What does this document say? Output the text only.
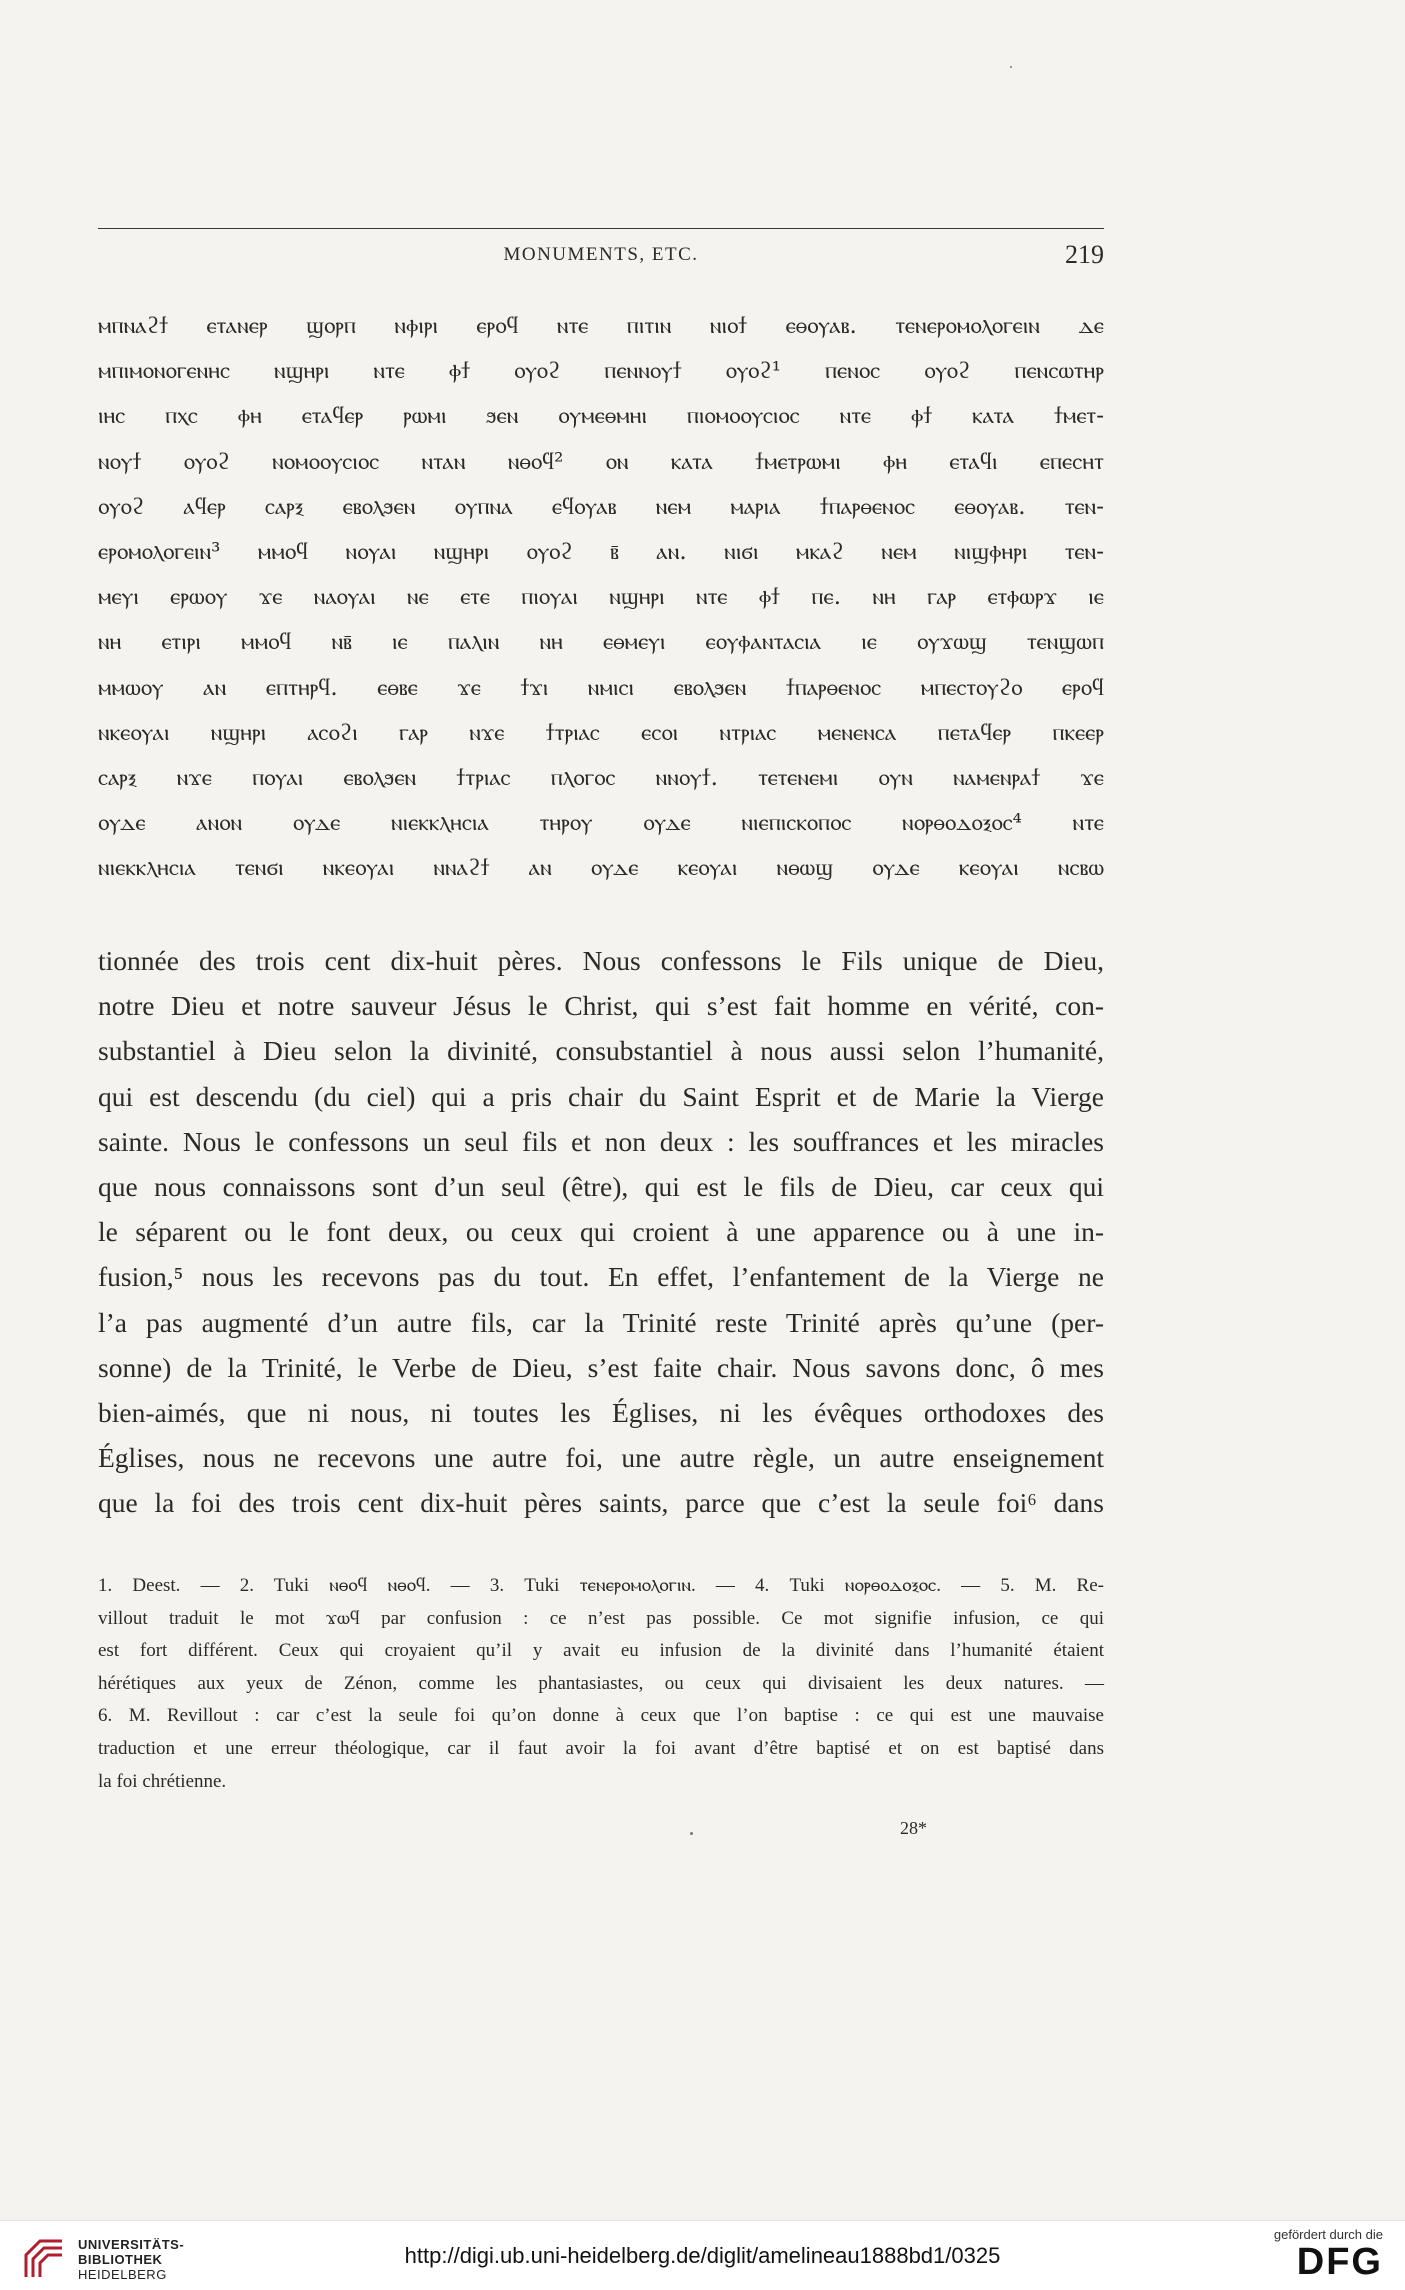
MONUMENTS, ETC.	219
ⲙⲡⲛⲁϩϯ ⲉⲧⲁⲛⲉⲣ ϣⲟⲣⲡ ⲛⲫⲓⲣⲓ ⲉⲣⲟϥ ⲛⲧⲉ ⲡⲓⲧⲓⲛ ⲛⲓⲟϯ ⲉⲑⲟⲩⲁⲃ. ⲧⲉⲛⲉⲣⲟⲙⲟⲗⲟⲅⲉⲓⲛ ⲇⲉ
ⲙⲡⲓⲙⲟⲛⲟⲅⲉⲛⲏⲥ ⲛϣⲏⲣⲓ ⲛⲧⲉ ⲫϯ ⲟⲩⲟϩ ⲡⲉⲛⲛⲟⲩϯ ⲟⲩⲟϩ¹ ⲡⲉⲛⲟⲥ ⲟⲩⲟϩ ⲡⲉⲛⲥⲱⲧⲏⲣ
ⲓⲏⲥ ⲡⲭⲥ ⲫⲏ ⲉⲧⲁϥⲉⲣ ⲣⲱⲙⲓ ϧⲉⲛ ⲟⲩⲙⲉⲑⲙⲏⲓ ⲡⲓⲟⲙⲟⲟⲩⲥⲓⲟⲥ ⲛⲧⲉ ⲫϯ ⲕⲁⲧⲁ ϯⲙⲉⲧ-
ⲛⲟⲩϯ ⲟⲩⲟϩ ⲛⲟⲙⲟⲟⲩⲥⲓⲟⲥ ⲛⲧⲁⲛ ⲛⲑⲟϥ² ⲟⲛ ⲕⲁⲧⲁ ϯⲙⲉⲧⲣⲱⲙⲓ ⲫⲏ ⲉⲧⲁϥⲓ ⲉⲡⲉⲥⲏⲧ
ⲟⲩⲟϩ ⲁϥⲉⲣ ⲥⲁⲣⲝ ⲉⲃⲟⲗϧⲉⲛ ⲟⲩⲡⲛⲁ ⲉϥⲟⲩⲁⲃ ⲛⲉⲙ ⲙⲁⲣⲓⲁ ϯⲡⲁⲣⲑⲉⲛⲟⲥ ⲉⲑⲟⲩⲁⲃ. ⲧⲉⲛ-
ⲉⲣⲟⲙⲟⲗⲟⲅⲉⲓⲛ³ ⲙⲙⲟϥ ⲛⲟⲩⲁⲓ ⲛϣⲏⲣⲓ ⲟⲩⲟϩ ⲃ̄ ⲁⲛ. ⲛⲓϭⲓ ⲙⲕⲁϩ ⲛⲉⲙ ⲛⲓϣⲫⲏⲣⲓ ⲧⲉⲛ-
ⲙⲉⲩⲓ ⲉⲣⲱⲟⲩ ϫⲉ ⲛⲁⲟⲩⲁⲓ ⲛⲉ ⲉⲧⲉ ⲡⲓⲟⲩⲁⲓ ⲛϣⲏⲣⲓ ⲛⲧⲉ ⲫϯ ⲡⲉ. ⲛⲏ ⲅⲁⲣ ⲉⲧⲫⲱⲣϫ ⲓⲉ
ⲛⲏ ⲉⲧⲓⲣⲓ ⲙⲙⲟϥ ⲛⲃ̄ ⲓⲉ ⲡⲁⲗⲓⲛ ⲛⲏ ⲉⲑⲙⲉⲩⲓ ⲉⲟⲩⲫⲁⲛⲧⲁⲥⲓⲁ ⲓⲉ ⲟⲩϫⲱϣ ⲧⲉⲛϣⲱⲡ
ⲙⲙⲱⲟⲩ ⲁⲛ ⲉⲡⲧⲏⲣϥ. ⲉⲑⲃⲉ ϫⲉ ϯϫⲓ ⲛⲙⲓⲥⲓ ⲉⲃⲟⲗϧⲉⲛ ϯⲡⲁⲣⲑⲉⲛⲟⲥ ⲙⲡⲉⲥⲧⲟⲩϩⲟ ⲉⲣⲟϥ
ⲛⲕⲉⲟⲩⲁⲓ ⲛϣⲏⲣⲓ ⲁⲥⲟϩⲓ ⲅⲁⲣ ⲛϫⲉ ϯⲧⲣⲓⲁⲥ ⲉⲥⲟⲓ ⲛⲧⲣⲓⲁⲥ ⲙⲉⲛⲉⲛⲥⲁ ⲡⲉⲧⲁϥⲉⲣ ⲡⲕⲉⲉⲣ
ⲥⲁⲣⲝ ⲛϫⲉ ⲡⲟⲩⲁⲓ ⲉⲃⲟⲗϧⲉⲛ ϯⲧⲣⲓⲁⲥ ⲡⲗⲟⲅⲟⲥ ⲛⲛⲟⲩϯ. ⲧⲉⲧⲉⲛⲉⲙⲓ ⲟⲩⲛ ⲛⲁⲙⲉⲛⲣⲁϯ ϫⲉ
ⲟⲩⲇⲉ ⲁⲛⲟⲛ ⲟⲩⲇⲉ ⲛⲓⲉⲕⲕⲗⲏⲥⲓⲁ ⲧⲏⲣⲟⲩ ⲟⲩⲇⲉ ⲛⲓⲉⲡⲓⲥⲕⲟⲡⲟⲥ ⲛⲟⲣⲑⲟⲇⲟⲝⲟⲥ⁴ ⲛⲧⲉ
ⲛⲓⲉⲕⲕⲗⲏⲥⲓⲁ ⲧⲉⲛϭⲓ ⲛⲕⲉⲟⲩⲁⲓ ⲛⲛⲁϩϯ ⲁⲛ ⲟⲩⲇⲉ ⲕⲉⲟⲩⲁⲓ ⲛⲑⲱϣ ⲟⲩⲇⲉ ⲕⲉⲟⲩⲁⲓ ⲛⲥⲃⲱ
tionnée des trois cent dix-huit pères. Nous confessons le Fils unique de Dieu,
notre Dieu et notre sauveur Jésus le Christ, qui s’est fait homme en vérité, con-
substantiel à Dieu selon la divinité, consubstantiel à nous aussi selon l’humanité,
qui est descendu (du ciel) qui a pris chair du Saint Esprit et de Marie la Vierge
sainte. Nous le confessons un seul fils et non deux : les souffrances et les miracles
que nous connaissons sont d’un seul (être), qui est le fils de Dieu, car ceux qui
le séparent ou le font deux, ou ceux qui croient à une apparence ou à une in-
fusion,⁵ nous les recevons pas du tout. En effet, l’enfantement de la Vierge ne
l’a pas augmenté d’un autre fils, car la Trinité reste Trinité après qu’une (per-
sonne) de la Trinité, le Verbe de Dieu, s’est faite chair. Nous savons donc, ô mes
bien-aimés, que ni nous, ni toutes les Églises, ni les évêques orthodoxes des
Églises, nous ne recevons une autre foi, une autre règle, un autre enseignement
que la foi des trois cent dix-huit pères saints, parce que c’est la seule foi⁶ dans
1. Deest. — 2. Tuki ⲛⲑⲟϥ ⲛⲑⲟϥ. — 3. Tuki ⲧⲉⲛⲉⲣⲟⲙⲟⲗⲟⲅⲓⲛ. — 4. Tuki ⲛⲟⲣⲑⲟⲇⲟⲝⲟⲥ. — 5. M. Re-
villout traduit le mot ϫⲱϥ par confusion : ce n’est pas possible. Ce mot signifie infusion, ce qui
est fort différent. Ceux qui croyaient qu’il y avait eu infusion de la divinité dans l’humanité étaient
hérétiques aux yeux de Zénon, comme les phantasiastes, ou ceux qui divisaient les deux natures. —
6. M. Revillout : car c’est la seule foi qu’on donne à ceux que l’on baptise : ce qui est une mauvaise
traduction et une erreur théologique, car il faut avoir la foi avant d’être baptisé et on est baptisé dans
la foi chrétienne.
28*
UNIVERSITÄTS-
BIBLIOTHEK
HEIDELBERG
http://digi.ub.uni-heidelberg.de/diglit/amelineau1888bd1/0325
gefördert durch die
DFG
